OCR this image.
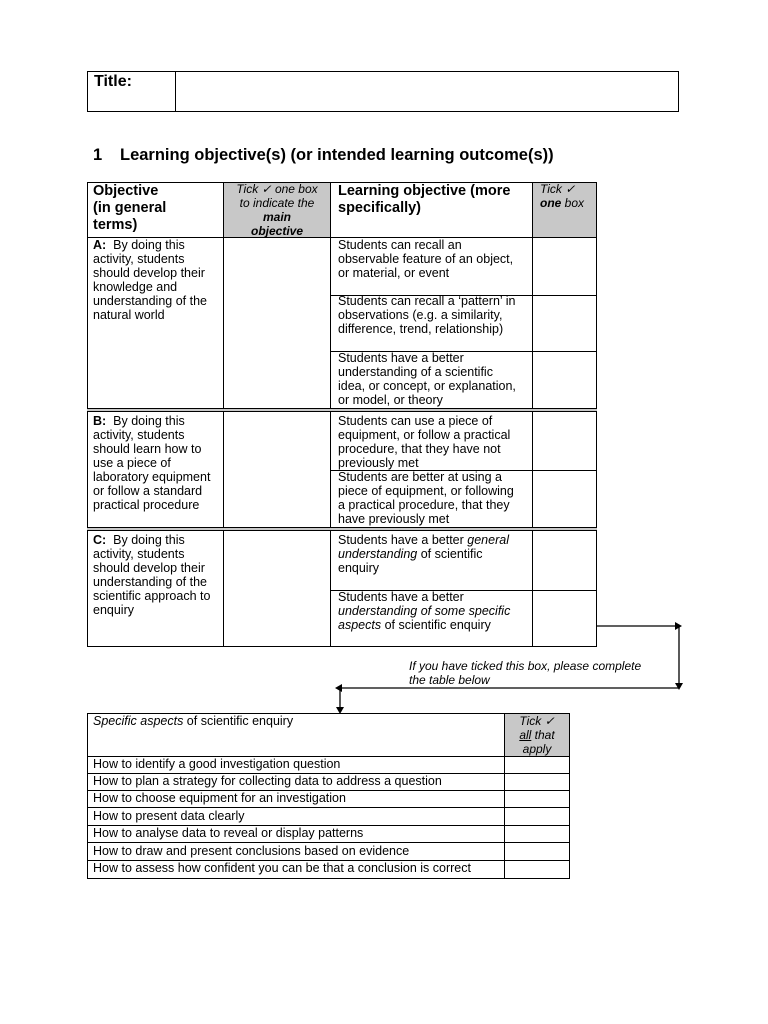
Title:
1 Learning objective(s) (or intended learning outcome(s))
Objective
(in general
terms)
Tick ✓ one box
to indicate the
main
objective
Learning objective (more
specifically)
Tick ✓
one box
A: By doing this
activity, students
should develop their
knowledge and
understanding of the
natural world
Students can recall an
observable feature of an object,
or material, or event
Students can recall a ‘pattern’ in
observations (e.g. a similarity,
difference, trend, relationship)
Students have a better
understanding of a scientific
idea, or concept, or explanation,
or model, or theory
B: By doing this
activity, students
should learn how to
use a piece of
laboratory equipment
or follow a standard
practical procedure
Students can use a piece of
equipment, or follow a practical
procedure, that they have not
previously met
Students are better at using a
piece of equipment, or following
a practical procedure, that they
have previously met
C: By doing this
activity, students
should develop their
understanding of the
scientific approach to
enquiry
Students have a better general
understanding of scientific
enquiry
Students have a better
understanding of some specific
aspects of scientific enquiry
If you have ticked this box, please complete
the table below
Specific aspects of scientific enquiry	Tick ✓
all that
apply
How to identify a good investigation question
How to plan a strategy for collecting data to address a question
How to choose equipment for an investigation
How to present data clearly
How to analyse data to reveal or display patterns
How to draw and present conclusions based on evidence
How to assess how confident you can be that a conclusion is correct
